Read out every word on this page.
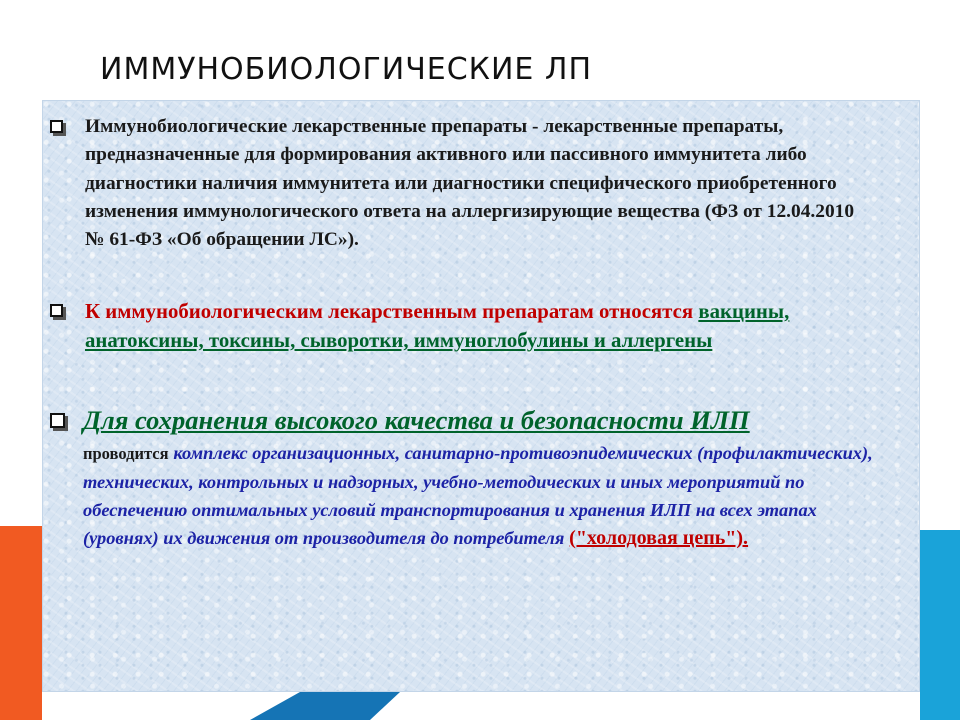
ИММУНОБИОЛОГИЧЕСКИЕ ЛП
Иммунобиологические лекарственные препараты - лекарственные препараты, предназначенные для формирования активного или пассивного иммунитета либо диагностики наличия иммунитета или диагностики специфического приобретенного изменения иммунологического ответа на аллергизирующие вещества (ФЗ от 12.04.2010 № 61-ФЗ «Об обращении ЛС»).
К иммунобиологическим лекарственным препаратам относятся вакцины, анатоксины, токсины, сыворотки, иммуноглобулины и аллергены
Для сохранения высокого качества и безопасности ИЛП
проводится комплекс организационных, санитарно-противоэпидемических (профилактических), технических, контрольных и надзорных, учебно-методических и иных мероприятий по обеспечению оптимальных условий транспортирования и хранения ИЛП на всех этапах (уровнях) их движения от производителя до потребителя ("холодовая цепь").
